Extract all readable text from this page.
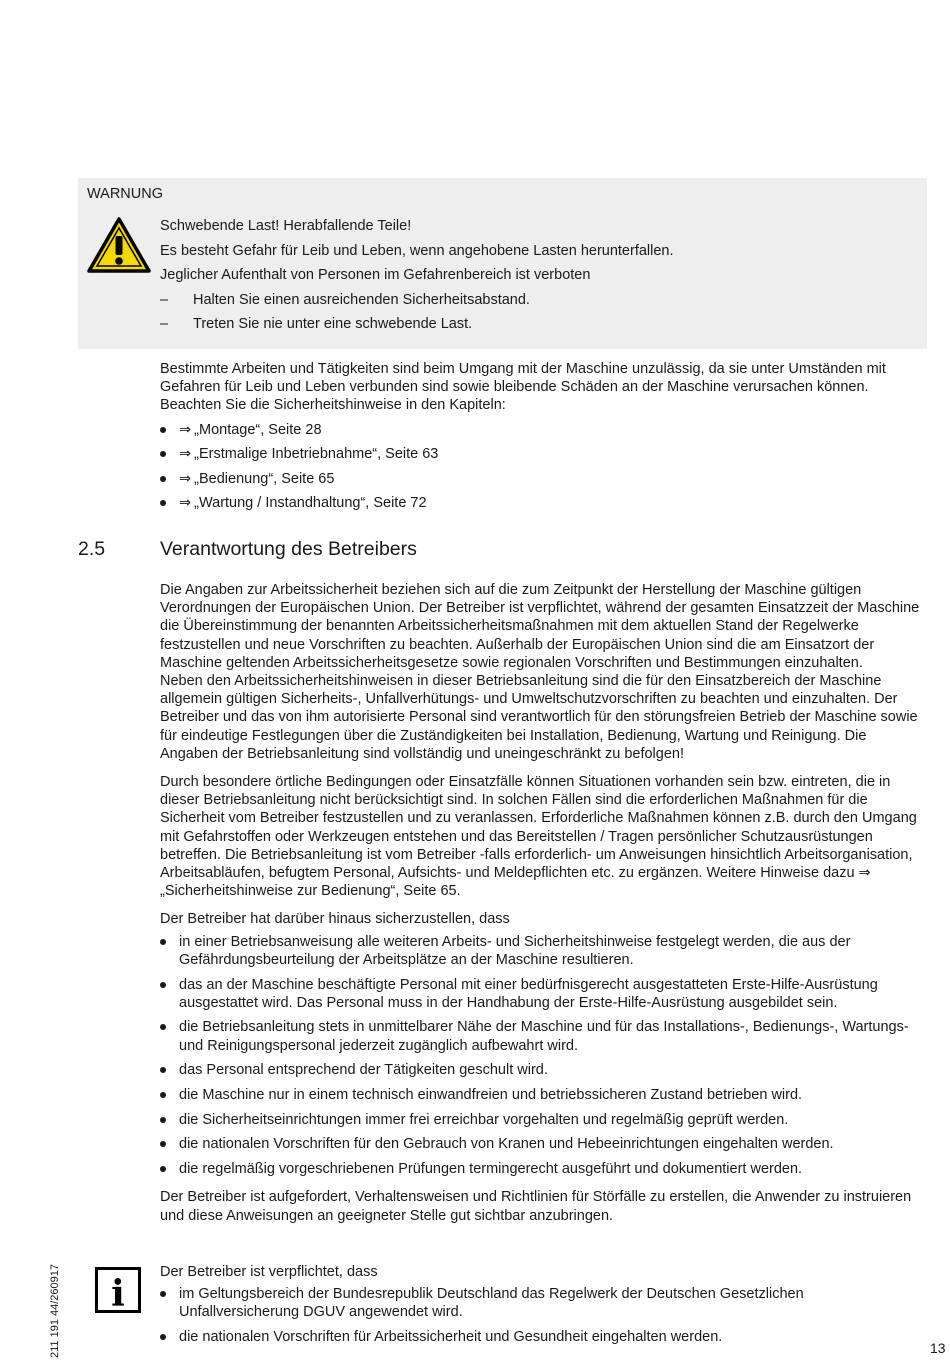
WARNUNG
Schwebende Last! Herabfallende Teile!
Es besteht Gefahr für Leib und Leben, wenn angehobene Lasten herunterfallen.
Jeglicher Aufenthalt von Personen im Gefahrenbereich ist verboten
– Halten Sie einen ausreichenden Sicherheitsabstand.
– Treten Sie nie unter eine schwebende Last.

Bestimmte Arbeiten und Tätigkeiten sind beim Umgang mit der Maschine unzulässig, da sie unter Umständen mit Gefahren für Leib und Leben verbunden sind sowie bleibende Schäden an der Maschine verursachen können. Beachten Sie die Sicherheitshinweise in den Kapiteln:

⇒ „Montage“, Seite 28
⇒ „Erstmalige Inbetriebnahme“, Seite 63
⇒ „Bedienung“, Seite 65
⇒ „Wartung / Instandhaltung“, Seite 72
2.5	Verantwortung des Betreibers

Die Angaben zur Arbeitssicherheit beziehen sich auf die zum Zeitpunkt der Herstellung der Maschine gültigen Verordnungen der Europäischen Union. Der Betreiber ist verpflichtet, während der gesamten Einsatzzeit der Maschine die Übereinstimmung der benannten Arbeitssicherheitsmaßnahmen mit dem aktuellen Stand der Regelwerke festzustellen und neue Vorschriften zu beachten. Außerhalb der Europäischen Union sind die am Einsatzort der Maschine geltenden Arbeitssicherheitsgesetze sowie regionalen Vorschriften und Bestimmungen einzuhalten.

Neben den Arbeitssicherheitshinweisen in dieser Betriebsanleitung sind die für den Einsatzbereich der Maschine allgemein gültigen Sicherheits-, Unfallverhütungs- und Umweltschutzvorschriften zu beachten und einzuhalten. Der Betreiber und das von ihm autorisierte Personal sind verantwortlich für den störungsfreien Betrieb der Maschine sowie für eindeutige Festlegungen über die Zuständigkeiten bei Installation, Bedienung, Wartung und Reinigung. Die Angaben der Betriebsanleitung sind vollständig und uneingeschränkt zu befolgen!

Durch besondere örtliche Bedingungen oder Einsatzfälle können Situationen vorhanden sein bzw. eintreten, die in dieser Betriebsanleitung nicht berücksichtigt sind. In solchen Fällen sind die erforderlichen Maßnahmen für die Sicherheit vom Betreiber festzustellen und zu veranlassen. Erforderliche Maßnahmen können z.B. durch den Umgang mit Gefahrstoffen oder Werkzeugen entstehen und das Bereitstellen / Tragen persönlicher Schutzausrüstungen betreffen. Die Betriebsanleitung ist vom Betreiber -falls erforderlich- um Anweisungen hinsichtlich Arbeitsorganisation, Arbeitsabläufen, befugtem Personal, Aufsichts- und Meldepflichten etc. zu ergänzen. Weitere Hinweise dazu ⇒ „Sicherheitshinweise zur Bedienung“, Seite 65.

Der Betreiber hat darüber hinaus sicherzustellen, dass

in einer Betriebsanweisung alle weiteren Arbeits- und Sicherheitshinweise festgelegt werden, die aus der Gefährdungsbeurteilung der Arbeitsplätze an der Maschine resultieren.
das an der Maschine beschäftigte Personal mit einer bedürfnisgerecht ausgestatteten Erste-Hilfe-Ausrüstung ausgestattet wird. Das Personal muss in der Handhabung der Erste-Hilfe-Ausrüstung ausgebildet sein.
die Betriebsanleitung stets in unmittelbarer Nähe der Maschine und für das Installations-, Bedienungs-, Wartungs- und Reinigungspersonal jederzeit zugänglich aufbewahrt wird.
das Personal entsprechend der Tätigkeiten geschult wird.
die Maschine nur in einem technisch einwandfreien und betriebssicheren Zustand betrieben wird.
die Sicherheitseinrichtungen immer frei erreichbar vorgehalten und regelmäßig geprüft werden.
die nationalen Vorschriften für den Gebrauch von Kranen und Hebeeinrichtungen eingehalten werden.
die regelmäßig vorgeschriebenen Prüfungen termingerecht ausgeführt und dokumentiert werden.

Der Betreiber ist aufgefordert, Verhaltensweisen und Richtlinien für Störfälle zu erstellen, die Anwender zu instruieren und diese Anweisungen an geeigneter Stelle gut sichtbar anzubringen.

i

Der Betreiber ist verpflichtet, dass

im Geltungsbereich der Bundesrepublik Deutschland das Regelwerk der Deutschen Gesetzlichen Unfallversicherung DGUV angewendet wird.
die nationalen Vorschriften für Arbeitssicherheit und Gesundheit eingehalten werden.
211 191 44/260917	13
